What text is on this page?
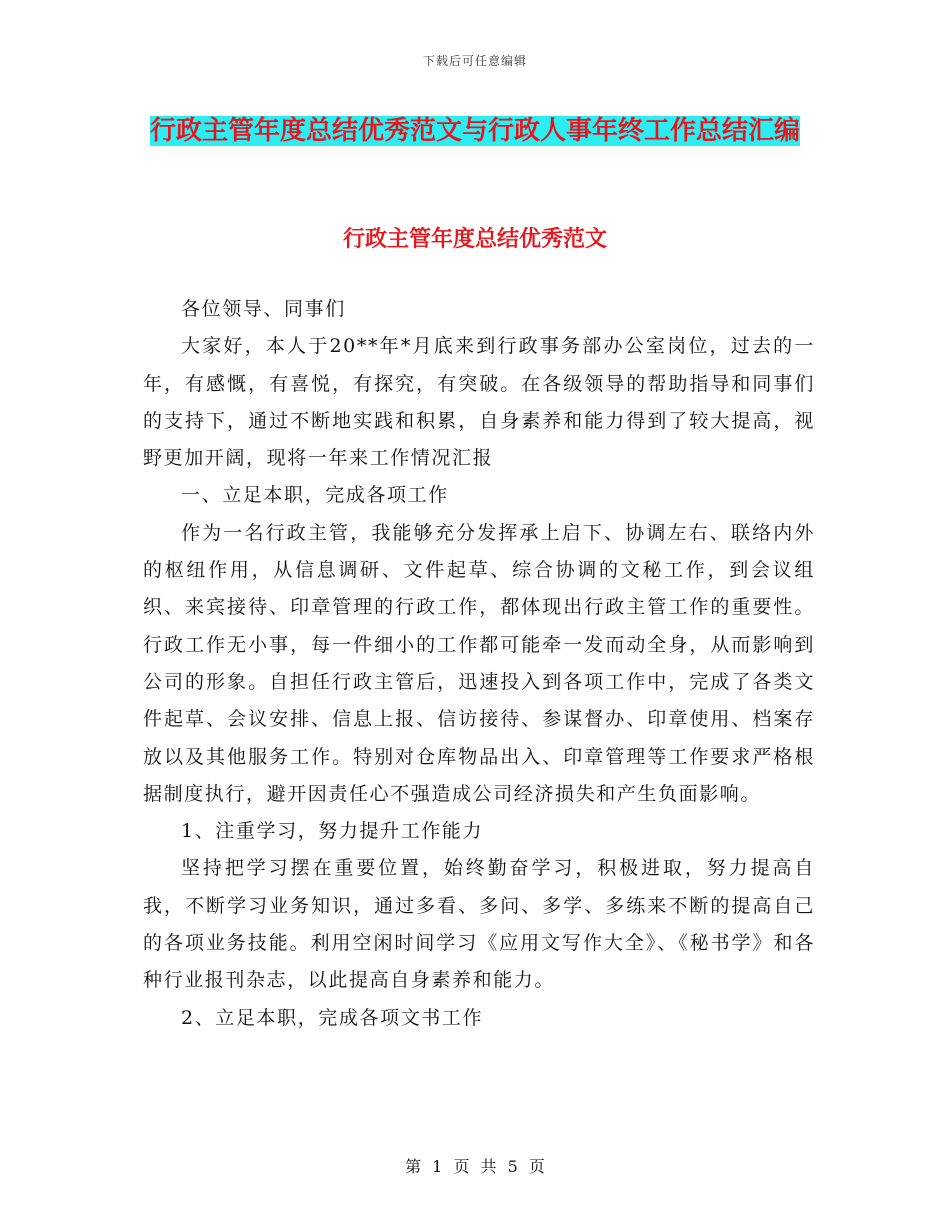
下载后可任意编辑
行政主管年度总结优秀范文与行政人事年终工作总结汇编
行政主管年度总结优秀范文

各位领导、同事们

大家好，本人于20**年*月底来到行政事务部办公室岗位，过去的一年，有感慨，有喜悦，有探究，有突破。在各级领导的帮助指导和同事们的支持下，通过不断地实践和积累，自身素养和能力得到了较大提高，视野更加开阔，现将一年来工作情况汇报

一、立足本职，完成各项工作

作为一名行政主管，我能够充分发挥承上启下、协调左右、联络内外的枢纽作用，从信息调研、文件起草、综合协调的文秘工作，到会议组织、来宾接待、印章管理的行政工作，都体现出行政主管工作的重要性。行政工作无小事，每一件细小的工作都可能牵一发而动全身，从而影响到公司的形象。自担任行政主管后，迅速投入到各项工作中，完成了各类文件起草、会议安排、信息上报、信访接待、参谋督办、印章使用、档案存放以及其他服务工作。特别对仓库物品出入、印章管理等工作要求严格根据制度执行，避开因责任心不强造成公司经济损失和产生负面影响。

1、注重学习，努力提升工作能力

坚持把学习摆在重要位置，始终勤奋学习，积极进取，努力提高自我，不断学习业务知识，通过多看、多问、多学、多练来不断的提高自己的各项业务技能。利用空闲时间学习《应用文写作大全》、《秘书学》和各种行业报刊杂志，以此提高自身素养和能力。

2、立足本职，完成各项文书工作

第 1 页 共 5 页
